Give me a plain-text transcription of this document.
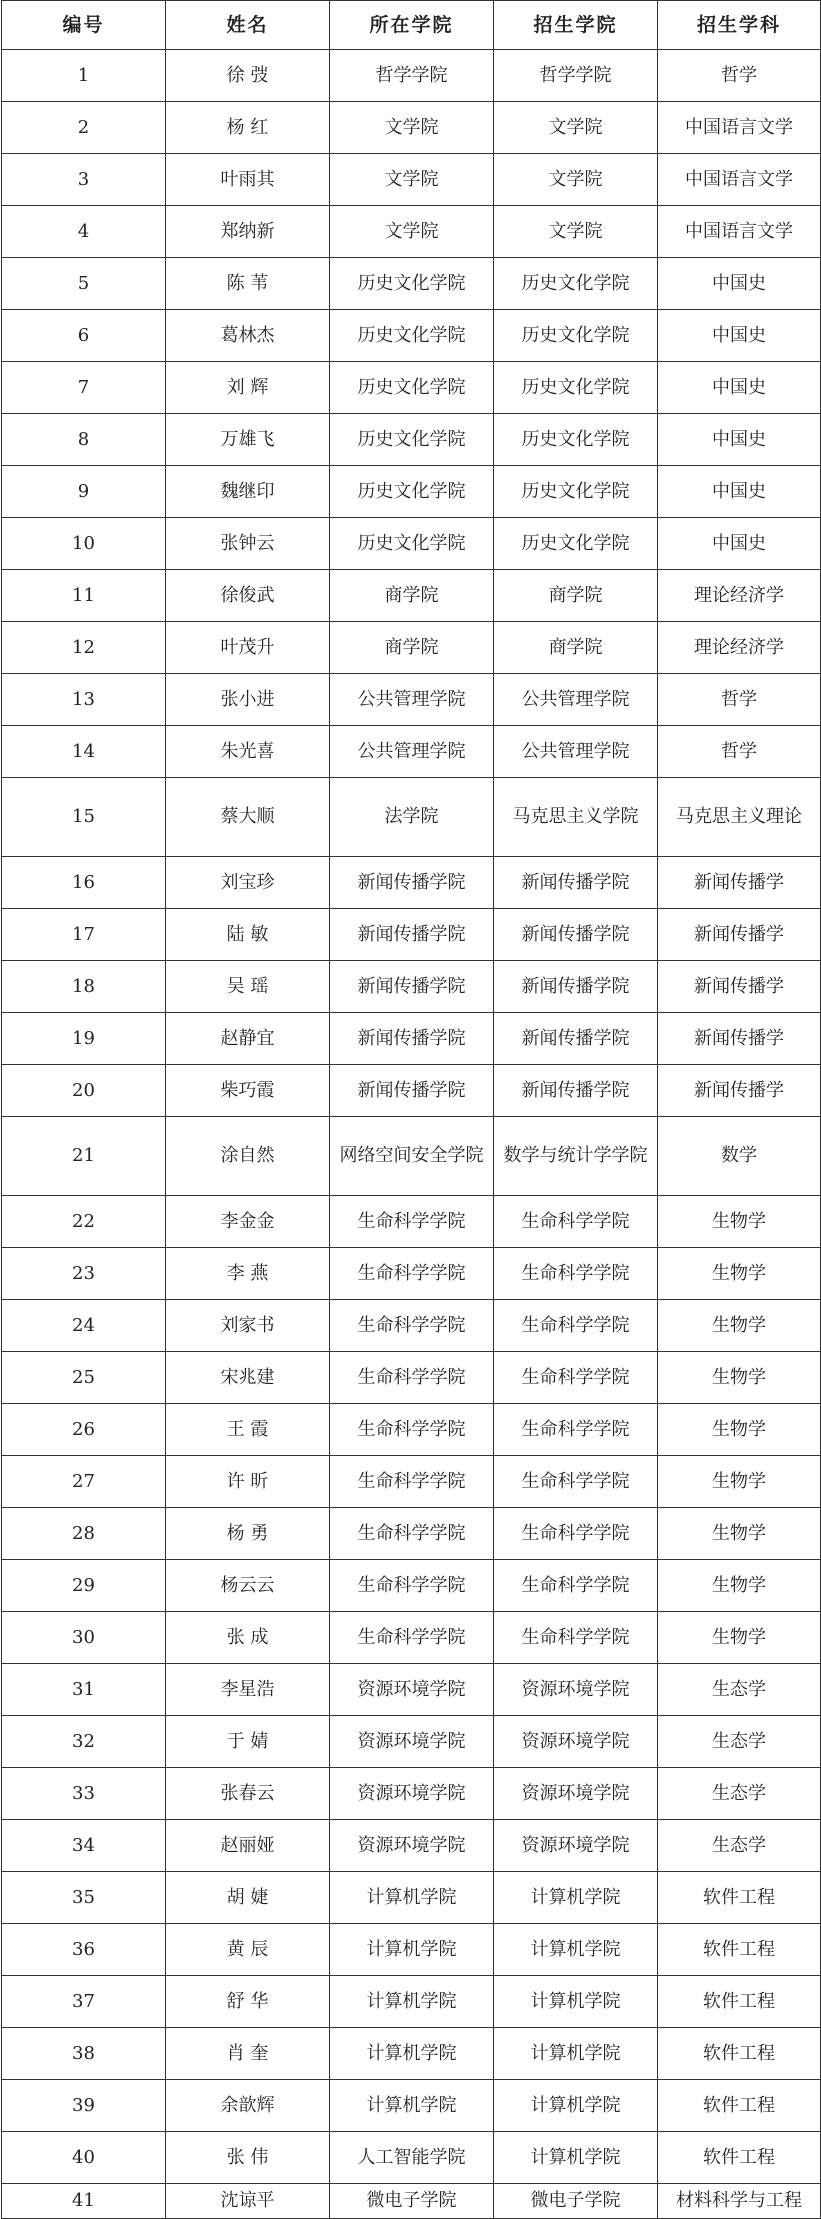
编号	姓名	所在学院	招生学院	招生学科
1	徐 弢	哲学学院	哲学学院	哲学
2	杨 红	文学院	文学院	中国语言文学
3	叶雨其	文学院	文学院	中国语言文学
4	郑纳新	文学院	文学院	中国语言文学
5	陈 苇	历史文化学院	历史文化学院	中国史
6	葛林杰	历史文化学院	历史文化学院	中国史
7	刘 辉	历史文化学院	历史文化学院	中国史
8	万雄飞	历史文化学院	历史文化学院	中国史
9	魏继印	历史文化学院	历史文化学院	中国史
10	张钟云	历史文化学院	历史文化学院	中国史
11	徐俊武	商学院	商学院	理论经济学
12	叶茂升	商学院	商学院	理论经济学
13	张小进	公共管理学院	公共管理学院	哲学
14	朱光喜	公共管理学院	公共管理学院	哲学
15	蔡大顺	法学院	马克思主义学院	马克思主义理论
16	刘宝珍	新闻传播学院	新闻传播学院	新闻传播学
17	陆 敏	新闻传播学院	新闻传播学院	新闻传播学
18	吴 瑶	新闻传播学院	新闻传播学院	新闻传播学
19	赵静宜	新闻传播学院	新闻传播学院	新闻传播学
20	柴巧霞	新闻传播学院	新闻传播学院	新闻传播学
21	涂自然	网络空间安全学院	数学与统计学学院	数学
22	李金金	生命科学学院	生命科学学院	生物学
23	李 燕	生命科学学院	生命科学学院	生物学
24	刘家书	生命科学学院	生命科学学院	生物学
25	宋兆建	生命科学学院	生命科学学院	生物学
26	王 霞	生命科学学院	生命科学学院	生物学
27	许 昕	生命科学学院	生命科学学院	生物学
28	杨 勇	生命科学学院	生命科学学院	生物学
29	杨云云	生命科学学院	生命科学学院	生物学
30	张 成	生命科学学院	生命科学学院	生物学
31	李星浩	资源环境学院	资源环境学院	生态学
32	于 婧	资源环境学院	资源环境学院	生态学
33	张春云	资源环境学院	资源环境学院	生态学
34	赵丽娅	资源环境学院	资源环境学院	生态学
35	胡 婕	计算机学院	计算机学院	软件工程
36	黄 辰	计算机学院	计算机学院	软件工程
37	舒 华	计算机学院	计算机学院	软件工程
38	肖 奎	计算机学院	计算机学院	软件工程
39	余歆辉	计算机学院	计算机学院	软件工程
40	张 伟	人工智能学院	计算机学院	软件工程
41	沈谅平	微电子学院	微电子学院	材料科学与工程
